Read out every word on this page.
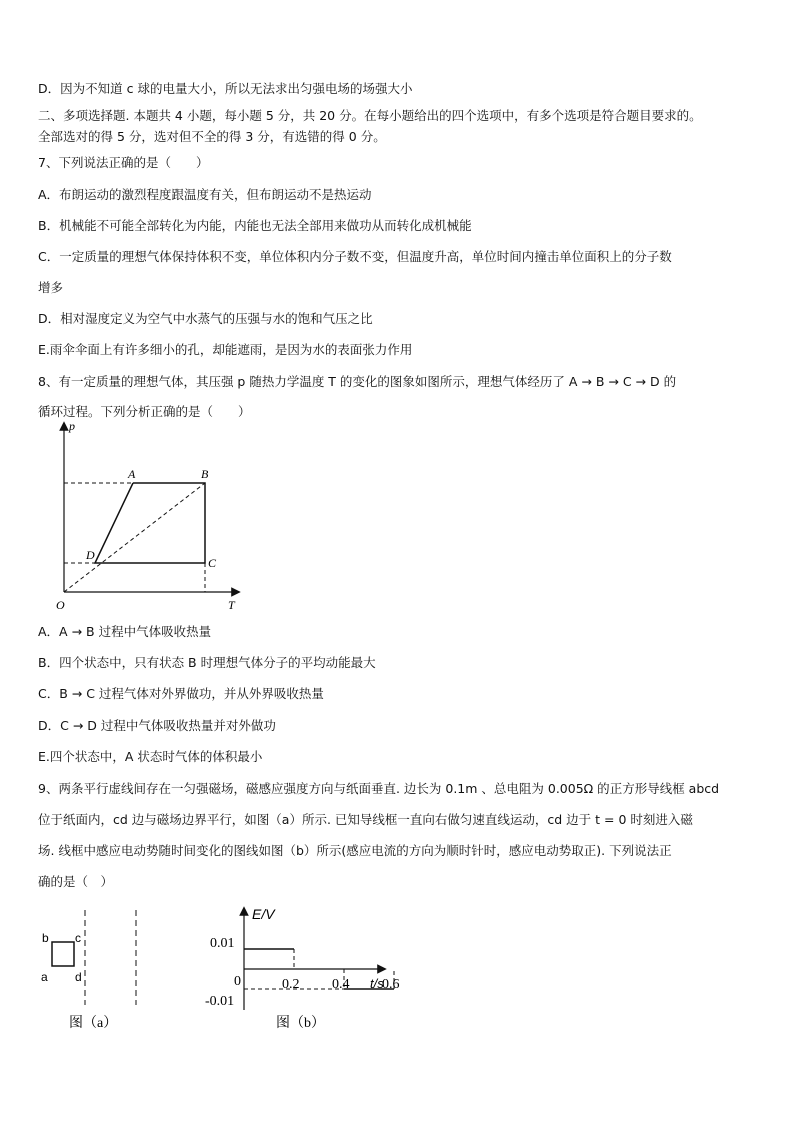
D．因为不知道 c 球的电量大小，所以无法求出匀强电场的场强大小
二、多项选择题. 本题共 4 小题，每小题 5 分，共 20 分。在每小题给出的四个选项中，有多个选项是符合题目要求的。
全部选对的得 5 分，选对但不全的得 3 分，有选错的得 0 分。
7、下列说法正确的是（　　）
A．布朗运动的激烈程度跟温度有关，但布朗运动不是热运动
B．机械能不可能全部转化为内能，内能也无法全部用来做功从而转化成机械能
C．一定质量的理想气体保持体积不变，单位体积内分子数不变，但温度升高，单位时间内撞击单位面积上的分子数
增多
D．相对湿度定义为空气中水蒸气的压强与水的饱和气压之比
E.雨伞伞面上有许多细小的孔，却能遮雨，是因为水的表面张力作用
8、有一定质量的理想气体，其压强 p 随热力学温度 T 的变化的图象如图所示，理想气体经历了 A → B → C → D 的
循环过程。下列分析正确的是（　　）
p
T
O
A	B
C
D
A．A → B 过程中气体吸收热量
B．四个状态中，只有状态 B 时理想气体分子的平均动能最大
C．B → C 过程气体对外界做功，并从外界吸收热量
D．C → D 过程中气体吸收热量并对外做功
E.四个状态中，A 状态时气体的体积最小
9、两条平行虚线间存在一匀强磁场，磁感应强度方向与纸面垂直. 边长为 0.1m 、总电阻为 0.005Ω 的正方形导线框 abcd
位于纸面内，cd 边与磁场边界平行，如图（a）所示. 已知导线框一直向右做匀速直线运动，cd 边于 t = 0 时刻进入磁
场. 线框中感应电动势随时间变化的图线如图（b）所示(感应电流的方向为顺时针时，感应电动势取正). 下列说法正
确的是（　）
b c
a d
图（a）
0.2 0.4 0.6
E/V
t/s
0
0.01
-0.01
图（b）
